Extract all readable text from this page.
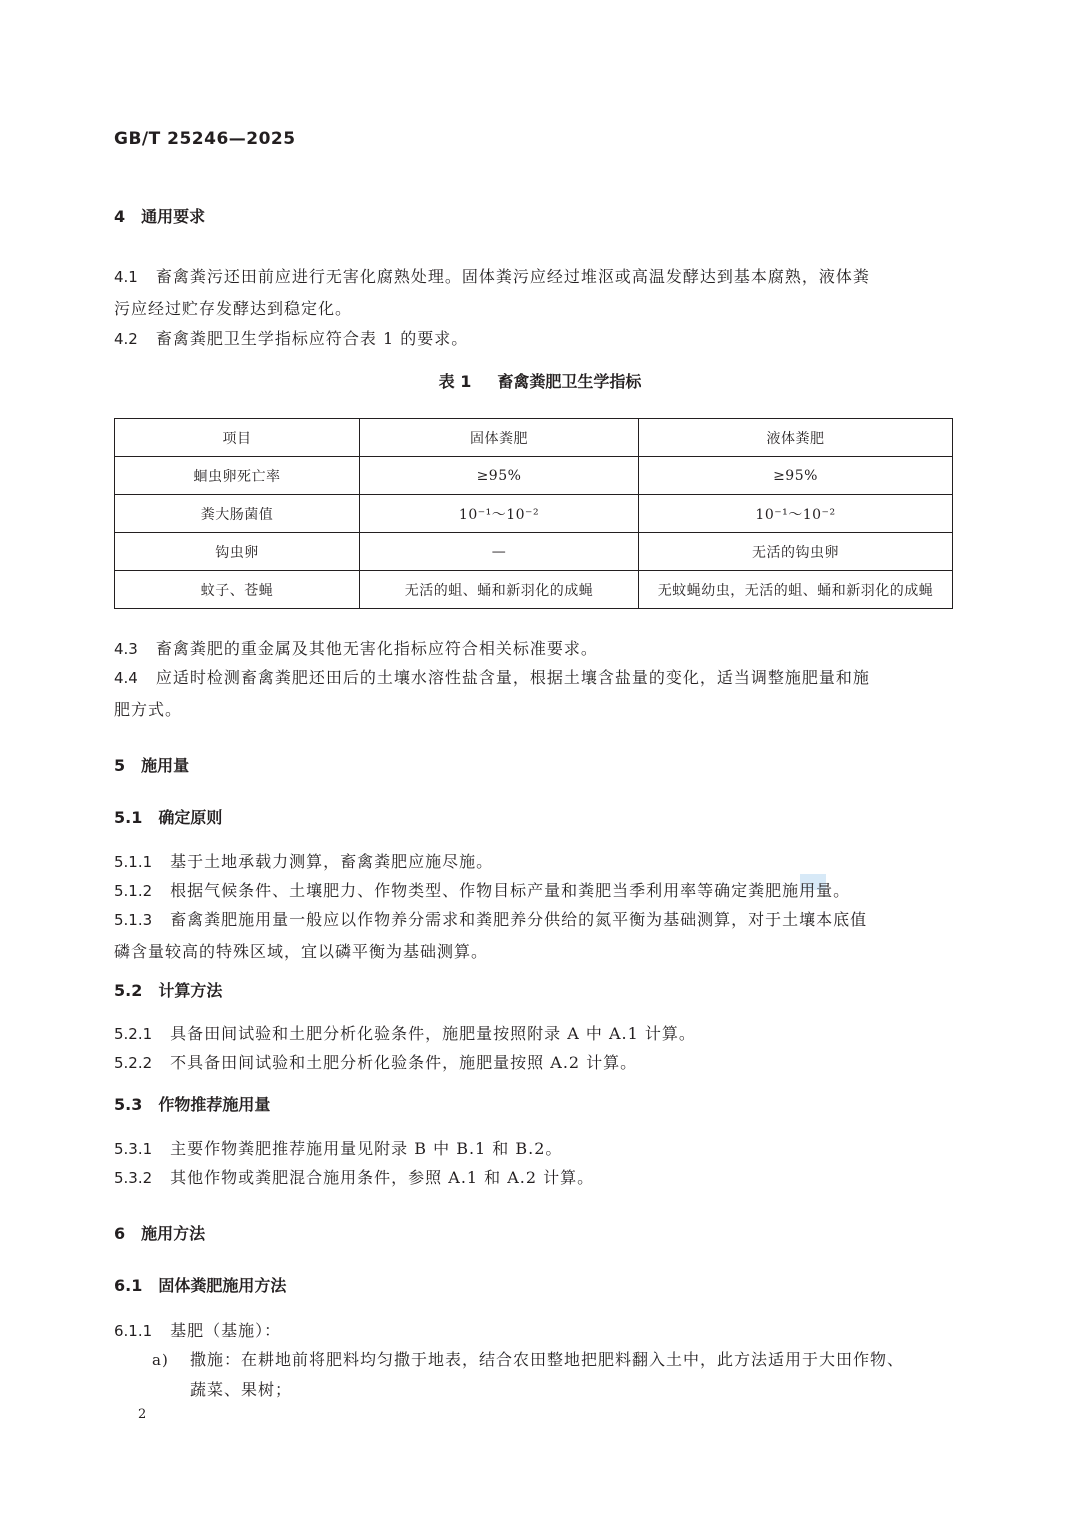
GB/T 25246—2025
4 通用要求
4.1 畜禽粪污还田前应进行无害化腐熟处理。固体粪污应经过堆沤或高温发酵达到基本腐熟，液体粪
污应经过贮存发酵达到稳定化。
4.2 畜禽粪肥卫生学指标应符合表 1 的要求。
表 1 畜禽粪肥卫生学指标
项目	固体粪肥	液体粪肥
蛔虫卵死亡率	≥95%	≥95%
粪大肠菌值	10⁻¹～10⁻²	10⁻¹～10⁻²
钩虫卵	—	无活的钩虫卵
蚊子、苍蝇	无活的蛆、蛹和新羽化的成蝇	无蚊蝇幼虫，无活的蛆、蛹和新羽化的成蝇
4.3 畜禽粪肥的重金属及其他无害化指标应符合相关标准要求。
4.4 应适时检测畜禽粪肥还田后的土壤水溶性盐含量，根据土壤含盐量的变化，适当调整施肥量和施
肥方式。
5 施用量
5.1 确定原则
5.1.1 基于土地承载力测算，畜禽粪肥应施尽施。
5.1.2 根据气候条件、土壤肥力、作物类型、作物目标产量和粪肥当季利用率等确定粪肥施用量。
5.1.3 畜禽粪肥施用量一般应以作物养分需求和粪肥养分供给的氮平衡为基础测算，对于土壤本底值
磷含量较高的特殊区域，宜以磷平衡为基础测算。
5.2 计算方法
5.2.1 具备田间试验和土肥分析化验条件，施肥量按照附录 A 中 A.1 计算。
5.2.2 不具备田间试验和土肥分析化验条件，施肥量按照 A.2 计算。
5.3 作物推荐施用量
5.3.1 主要作物粪肥推荐施用量见附录 B 中 B.1 和 B.2。
5.3.2 其他作物或粪肥混合施用条件，参照 A.1 和 A.2 计算。
6 施用方法
6.1 固体粪肥施用方法
6.1.1 基肥（基施）：
a) 撒施：在耕地前将肥料均匀撒于地表，结合农田整地把肥料翻入土中，此方法适用于大田作物、
蔬菜、果树；
2
